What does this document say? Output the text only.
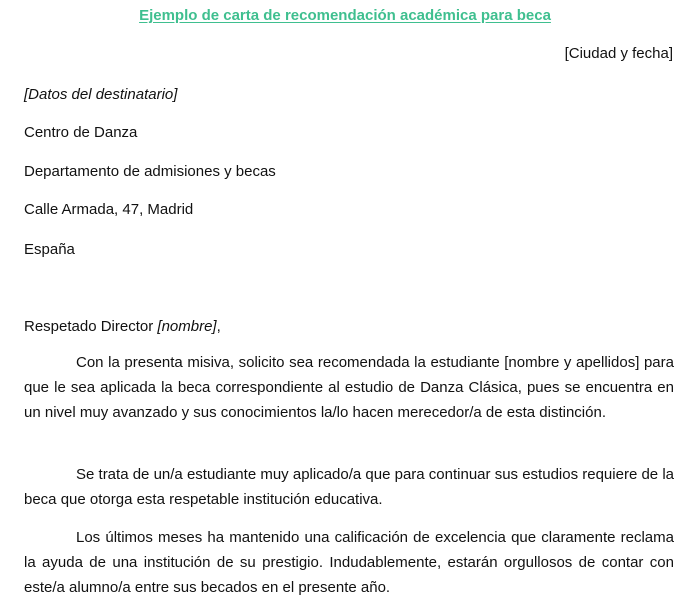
Ejemplo de carta de recomendación académica para beca
[Ciudad y fecha]
[Datos del destinatario]
Centro de Danza
Departamento de admisiones y becas
Calle Armada, 47, Madrid
España
Respetado Director [nombre],
Con la presenta misiva, solicito sea recomendada la estudiante [nombre y apellidos] para que le sea aplicada la beca correspondiente al estudio de Danza Clásica, pues se encuentra en un nivel muy avanzado y sus conocimientos la/lo hacen merecedor/a de esta distinción.
Se trata de un/a estudiante muy aplicado/a que para continuar sus estudios requiere de la beca que otorga esta respetable institución educativa.
Los últimos meses ha mantenido una calificación de excelencia que claramente reclama la ayuda de una institución de su prestigio. Indudablemente, estarán orgullosos de contar con este/a alumno/a entre sus becados en el presente año.
